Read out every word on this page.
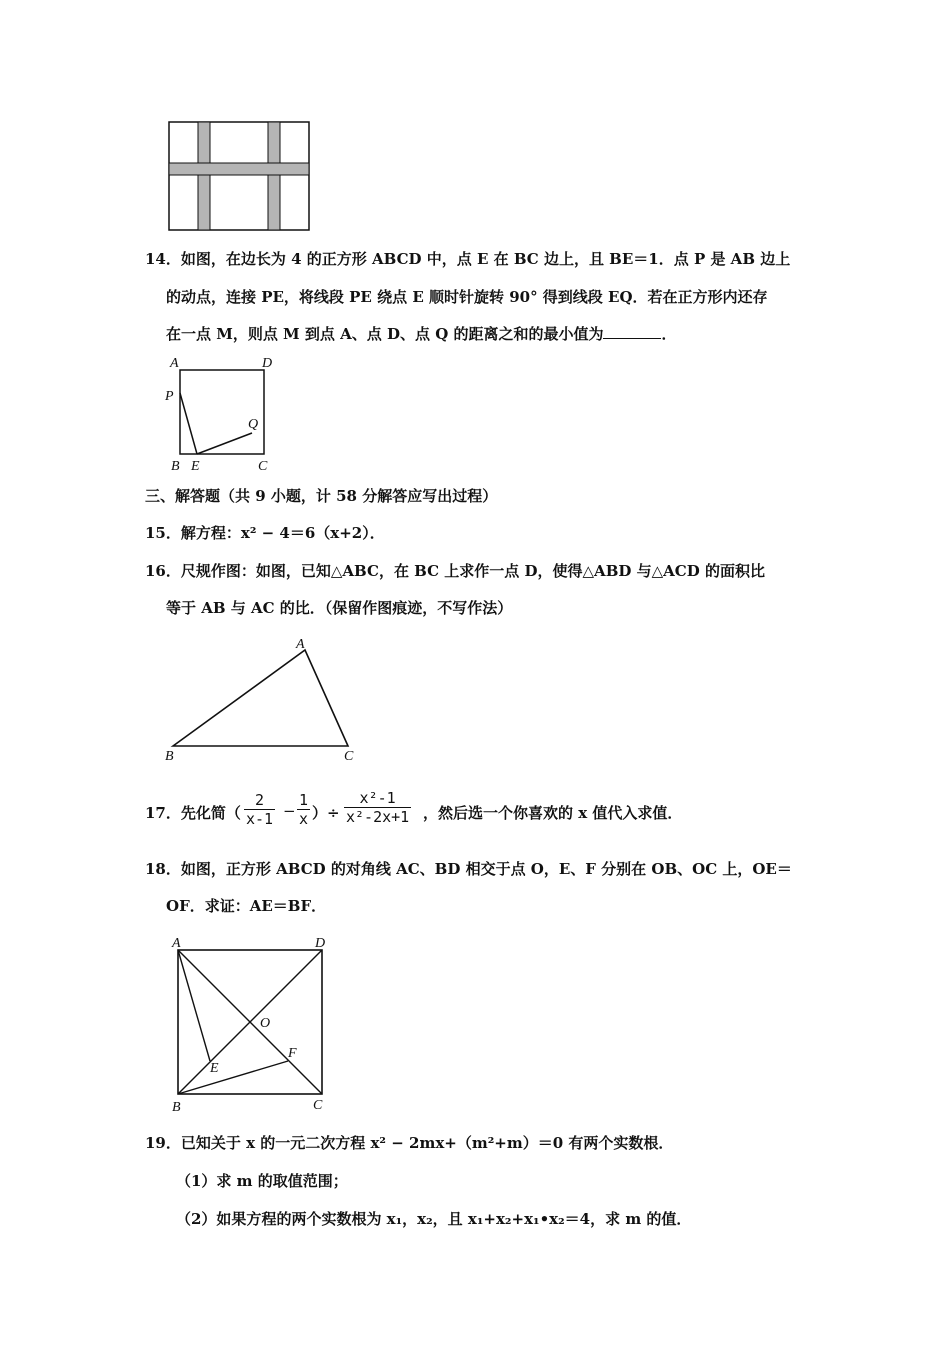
14．如图，在边长为 4 的正方形 ABCD 中，点 E 在 BC 边上，且 BE＝1．点 P 是 AB 边上
的动点，连接 PE，将线段 PE 绕点 E 顺时针旋转 90° 得到线段 EQ．若在正方形内还存
在一点 M，则点 M 到点 A、点 D、点 Q 的距离之和的最小值为	．
A	D
P
Q
B E	C
三、解答题（共 9 小题，计 58 分解答应写出过程）
15．解方程：x² − 4＝6（x+2）．
16．尺规作图：如图，已知△ABC，在 BC 上求作一点 D，使得△ABD 与△ACD 的面积比
等于 AB 与 AC 的比．（保留作图痕迹，不写作法）
A
B	C
17．先化简（ $\frac{2}{x-1} - \frac{1}{x}$ ）÷ $\frac{\text{x²-1}}{\text{x²-2x+1}}$ ，然后选一个你喜欢的 x 值代入求值．
18．如图，正方形 ABCD 的对角线 AC、BD 相交于点 O，E、F 分别在 OB、OC 上，OE＝
OF．求证：AE＝BF．
A	D
O
E
F
B	C
19．已知关于 x 的一元二次方程 x² − 2mx+（m²+m）＝0 有两个实数根．
（1）求 m 的取值范围；
（2）如果方程的两个实数根为 x₁，x₂，且 x₁+x₂+x₁•x₂＝4，求 m 的值．
